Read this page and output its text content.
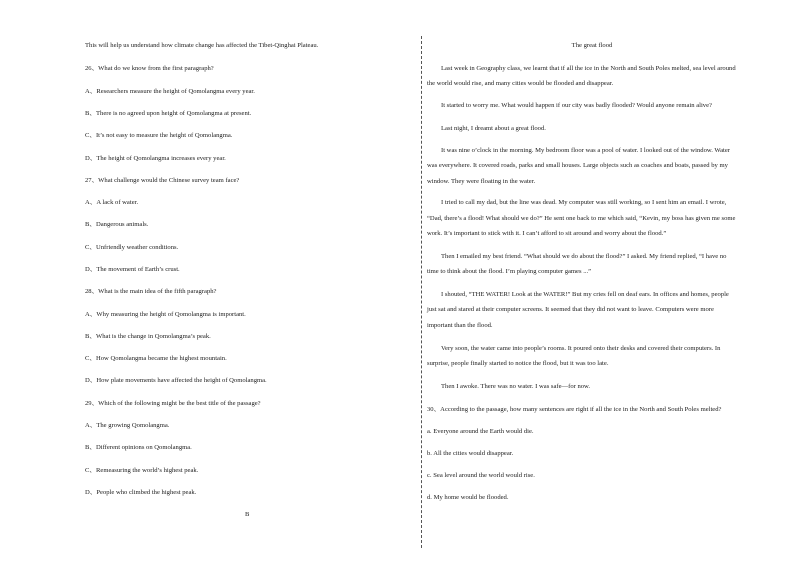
This will help us understand how climate change has affected the Tibet-Qinghai Plateau.
26、What do we know from the first paragraph?
A、Researchers measure the height of Qomolangma every year.
B、There is no agreed upon height of Qomolangma at present.
C、It’s not easy to measure the height of Qomolangma.
D、The height of Qomolangma increases every year.
27、What challenge would the Chinese survey team face?
A、A lack of water.
B、Dangerous animals.
C、Unfriendly weather conditions.
D、The movement of Earth’s crust.
28、What is the main idea of the fifth paragraph?
A、Why measuring the height of Qomolangma is important.
B、What is the change in Qomolangma’s peak.
C、How Qomolangma became the highest mountain.
D、How plate movements have affected the height of Qomolangma.
29、Which of the following might be the best title of the passage?
A、The growing Qomolangma.
B、Different opinions on Qomolangma.
C、Remeasuring the world’s highest peak.
D、People who climbed the highest peak.
B
The great flood
Last week in Geography class, we learnt that if all the ice in the North and South Poles melted, sea level around
the world would rise, and many cities would be flooded and disappear.
It started to worry me. What would happen if our city was badly flooded? Would anyone remain alive?
Last night, I dreamt about a great flood.
It was nine o’clock in the morning. My bedroom floor was a pool of water. I looked out of the window. Water
was everywhere. It covered roads, parks and small houses. Large objects such as coaches and boats, passed by my
window. They were floating in the water.
I tried to call my dad, but the line was dead. My computer was still working, so I sent him an email. I wrote,
“Dad, there’s a flood! What should we do?” He sent one back to me which said, “Kevin, my boss has given me some
work. It’s important to stick with it. I can’t afford to sit around and worry about the flood.”
Then I emailed my best friend. “What should we do about the flood?” I asked. My friend replied, “I have no
time to think about the flood. I’m playing computer games ...”
I shouted, “THE WATER! Look at the WATER!” But my cries fell on deaf ears. In offices and homes, people
just sat and stared at their computer screens. It seemed that they did not want to leave. Computers were more
important than the flood.
Very soon, the water came into people’s rooms. It poured onto their desks and covered their computers. In
surprise, people finally started to notice the flood, but it was too late.
Then I awoke. There was no water. I was safe—for now.
30、According to the passage, how many sentences are right if all the ice in the North and South Poles melted?
a. Everyone around the Earth would die.
b. All the cities would disappear.
c. Sea level around the world would rise.
d. My home would be flooded.
